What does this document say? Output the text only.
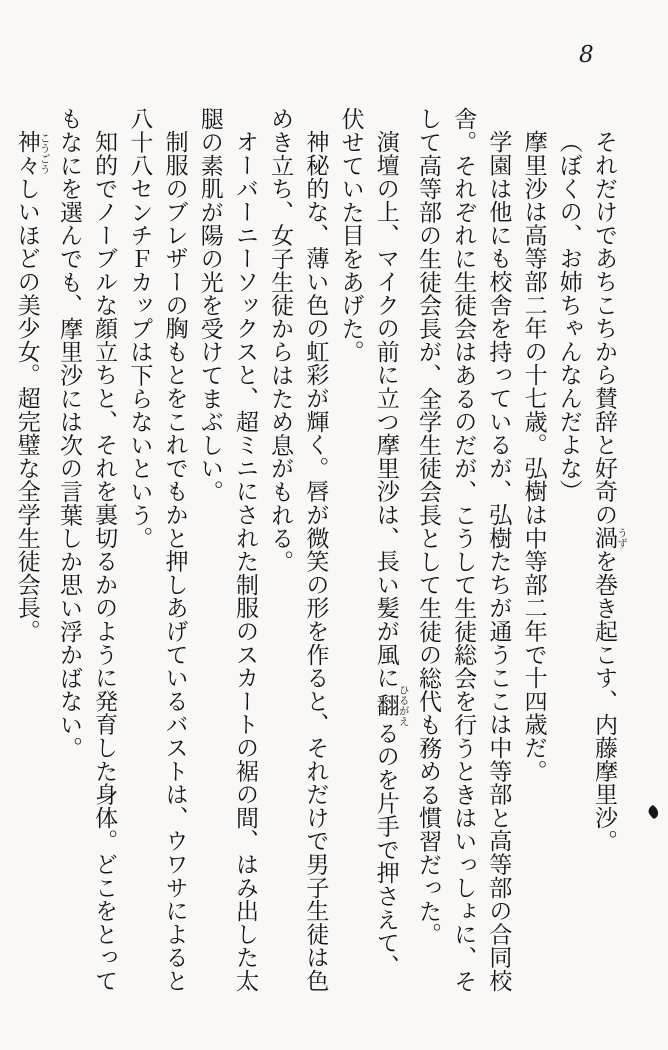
8

それだけであちこちから賛辞と好奇の渦 うずを巻き起こす、内藤摩里沙。

（ぼくの、お姉ちゃんなんだよな）

摩里沙は高等部二年の十七歳。弘樹は中等部二年で十四歳だ。

学園は他にも校舎を持っているが、弘樹たちが通うここは中等部と高等部の合同校舎。それぞれに生徒会はあるのだが、こうして生徒総会を行うときはいっしょに、そして高等部の生徒会長が、全学生徒会長として生徒の総代も務める慣習だった。

演壇の上、マイクの前に立つ摩里沙は、長い髪が風に翻 ひるがえるのを片手で押さえて、伏せていた目をあげた。

神秘的な、薄い色の虹彩が輝く。唇が微笑の形を作ると、それだけで男子生徒は色めき立ち、女子生徒からはため息がもれる。

オーバーニーソックスと、超ミニにされた制服のスカートの裾の間、はみ出した太腿の素肌が陽の光を受けてまぶしい。

制服のブレザーの胸もとをこれでもかと押しあげているバストは、ウワサによると八十八センチＦカップは下らないという。

知的でノーブルな顔立ちと、それを裏切るかのように発育した身体。どこをとってもなにを選んでも、摩里沙には次の言葉しか思い浮かばない。

神々 こうごうしいほどの美少女。超完璧な全学生徒会長。
